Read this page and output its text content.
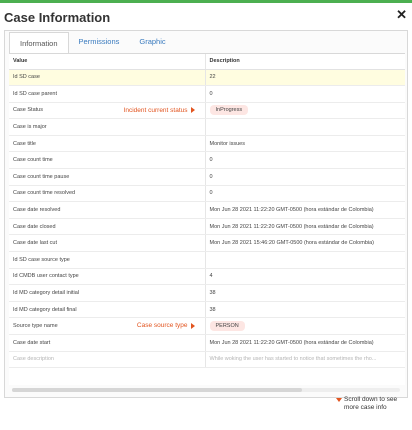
Case Information	✕
Information	Permissions	Graphic
Value	Description
Id SD case	22
Id SD case parent	0
Case Status Incident current status	InProgress
Case is major	
Case title	Monitor issues
Case count time	0
Case count time pause	0
Case count time resolved	0
Case date resolved	Mon Jun 28 2021 11:22:20 GMT-0500 (hora estándar de Colombia)
Case date closed	Mon Jun 28 2021 11:22:20 GMT-0500 (hora estándar de Colombia)
Case date last cut	Mon Jun 28 2021 15:46:20 GMT-0500 (hora estándar de Colombia)
Id SD case source type	
Id CMDB user contact type	4
Id MD category detail initial	38
Id MD category detail final	38
Source type name Case source type	PERSON
Case date start	Mon Jun 28 2021 11:22:20 GMT-0500 (hora estándar de Colombia)
Case description	While woking the user has started to notice that sometimes the rho...
Scroll down to see more case info
